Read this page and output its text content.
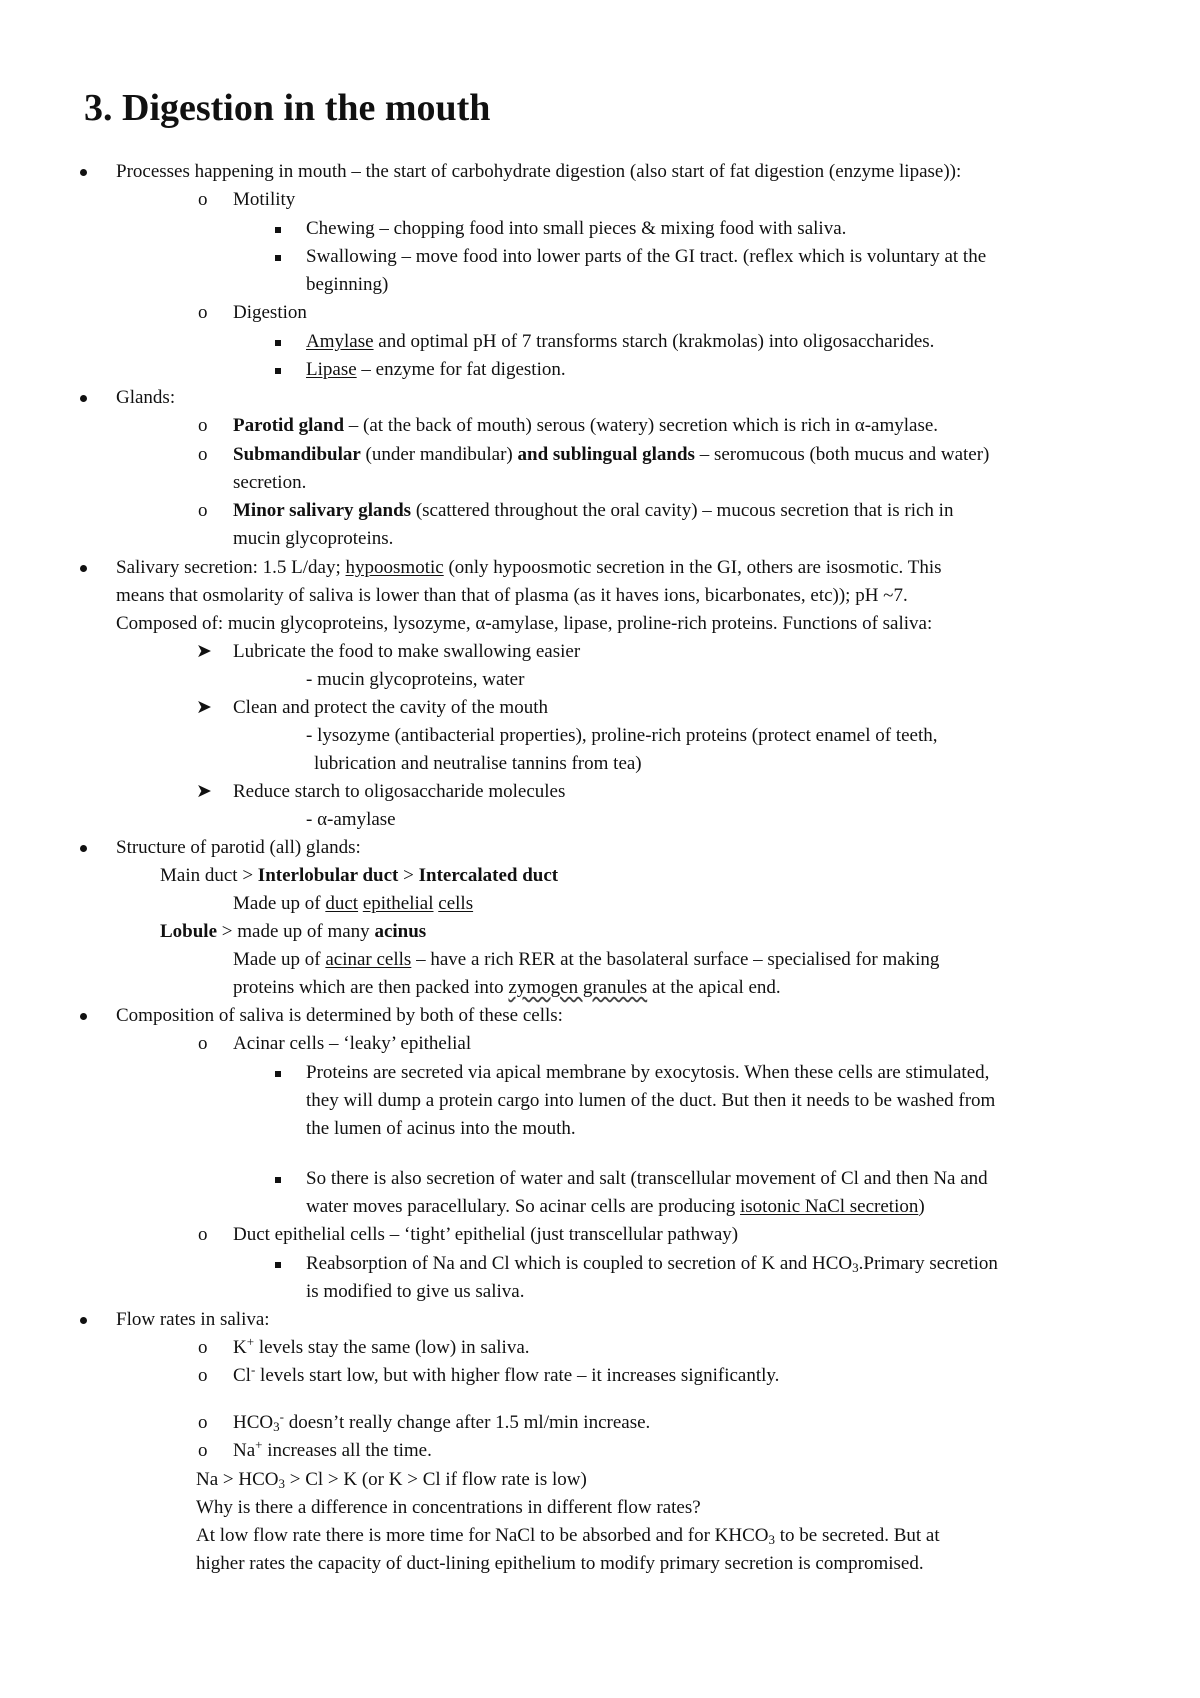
3. Digestion in the mouth
Processes happening in mouth – the start of carbohydrate digestion (also start of fat digestion (enzyme lipase)):
o Motility
Chewing – chopping food into small pieces & mixing food with saliva.
Swallowing – move food into lower parts of the GI tract. (reflex which is voluntary at the
beginning)
o Digestion
Amylase and optimal pH of 7 transforms starch (krakmolas) into oligosaccharides.
Lipase – enzyme for fat digestion.
Glands:
o Parotid gland – (at the back of mouth) serous (watery) secretion which is rich in α-amylase.
o Submandibular (under mandibular) and sublingual glands – seromucous (both mucus and water)
secretion.
o Minor salivary glands (scattered throughout the oral cavity) – mucous secretion that is rich in
mucin glycoproteins.
Salivary secretion: 1.5 L/day; hypoosmotic (only hypoosmotic secretion in the GI, others are isosmotic. This
means that osmolarity of saliva is lower than that of plasma (as it haves ions, bicarbonates, etc)); pH ~7.
Composed of: mucin glycoproteins, lysozyme, α-amylase, lipase, proline-rich proteins. Functions of saliva:
➤ Lubricate the food to make swallowing easier
- mucin glycoproteins, water
➤ Clean and protect the cavity of the mouth
- lysozyme (antibacterial properties), proline-rich proteins (protect enamel of teeth,
lubrication and neutralise tannins from tea)
➤ Reduce starch to oligosaccharide molecules
- α-amylase
Structure of parotid (all) glands:
Main duct > Interlobular duct > Intercalated duct
Made up of duct epithelial cells
Lobule > made up of many acinus
Made up of acinar cells – have a rich RER at the basolateral surface – specialised for making
proteins which are then packed into zymogen granules at the apical end.
Composition of saliva is determined by both of these cells:
o Acinar cells – ‘leaky’ epithelial
Proteins are secreted via apical membrane by exocytosis. When these cells are stimulated,
they will dump a protein cargo into lumen of the duct. But then it needs to be washed from
the lumen of acinus into the mouth.
So there is also secretion of water and salt (transcellular movement of Cl and then Na and
water moves paracellulary. So acinar cells are producing isotonic NaCl secretion)
o Duct epithelial cells – ‘tight’ epithelial (just transcellular pathway)
Reabsorption of Na and Cl which is coupled to secretion of K and $HCO_3.Primary$ secretion
is modified to give us saliva.
Flow rates in saliva:
o K+ levels stay the same (low) in saliva.
o Cl- levels start low, but with higher flow rate – it increases significantly.
o $HCO_3^-$ doesn’t really change after 1.5 ml/min increase.
o Na+ increases all the time.
$Na > HCO_3 > Cl > K$ (or K > Cl if flow rate is low)
Why is there a difference in concentrations in different flow rates?
At low flow rate there is more time for NaCl to be absorbed and for $KHCO_3$ to be secreted. But at
higher rates the capacity of duct-lining epithelium to modify primary secretion is compromised.
